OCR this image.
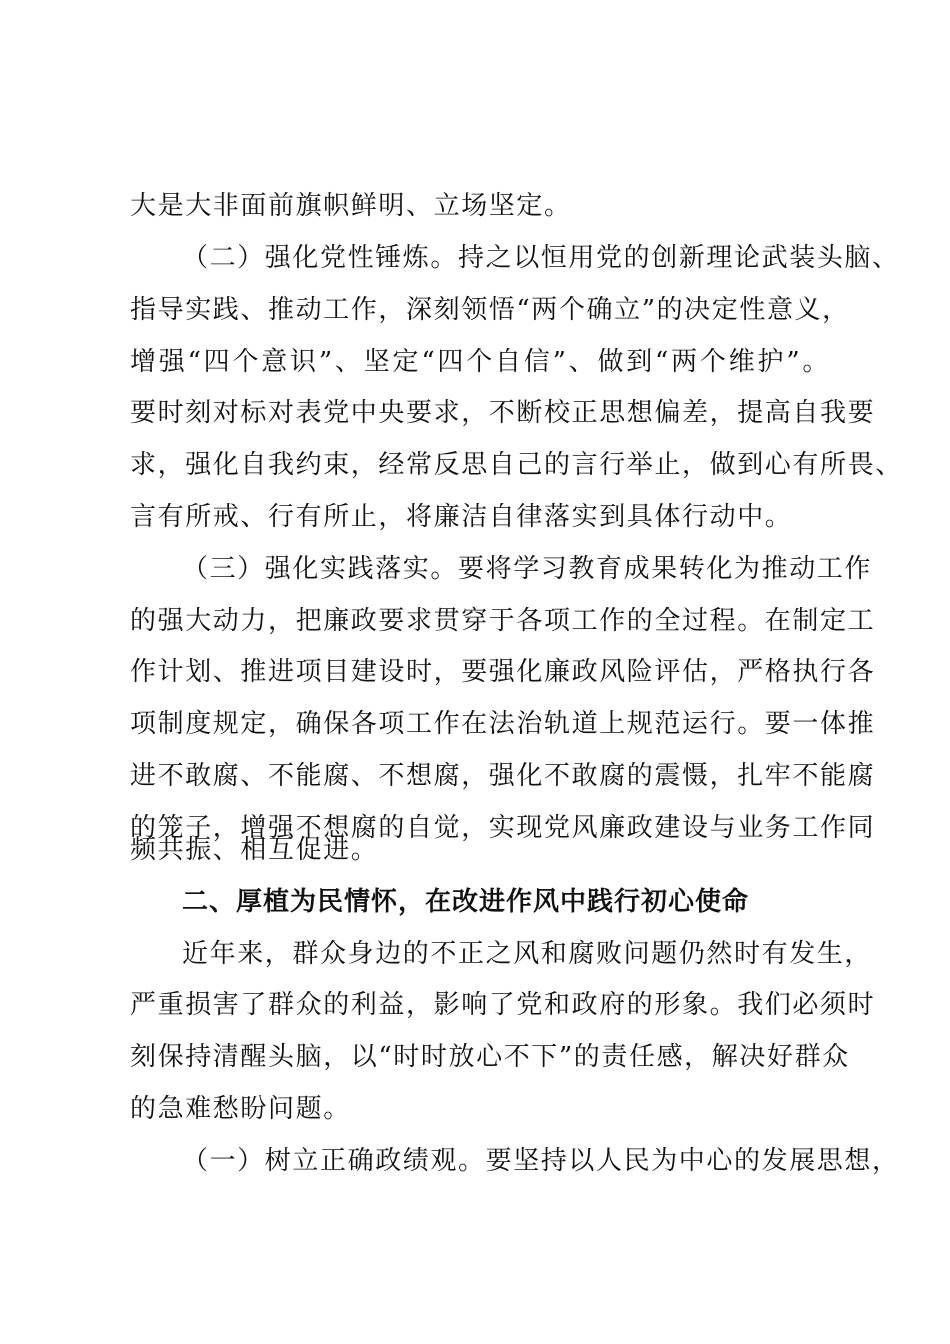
大是大非面前旗帜鲜明、立场坚定。
（二）强化党性锤炼。持之以恒用党的创新理论武装头脑、
指导实践、推动工作，深刻领悟“两个确立”的决定性意义，
增强“四个意识”、坚定“四个自信”、做到“两个维护”。
要时刻对标对表党中央要求，不断校正思想偏差，提高自我要
求，强化自我约束，经常反思自己的言行举止，做到心有所畏、
言有所戒、行有所止，将廉洁自律落实到具体行动中。
（三）强化实践落实。要将学习教育成果转化为推动工作
的强大动力，把廉政要求贯穿于各项工作的全过程。在制定工
作计划、推进项目建设时，要强化廉政风险评估，严格执行各
项制度规定，确保各项工作在法治轨道上规范运行。要一体推
进不敢腐、不能腐、不想腐，强化不敢腐的震慑，扎牢不能腐
的笼子，增强不想腐的自觉，实现党风廉政建设与业务工作同
频共振、相互促进。
二、厚植为民情怀，在改进作风中践行初心使命
近年来，群众身边的不正之风和腐败问题仍然时有发生，
严重损害了群众的利益，影响了党和政府的形象。我们必须时
刻保持清醒头脑，以“时时放心不下”的责任感，解决好群众
的急难愁盼问题。
（一）树立正确政绩观。要坚持以人民为中心的发展思想，
